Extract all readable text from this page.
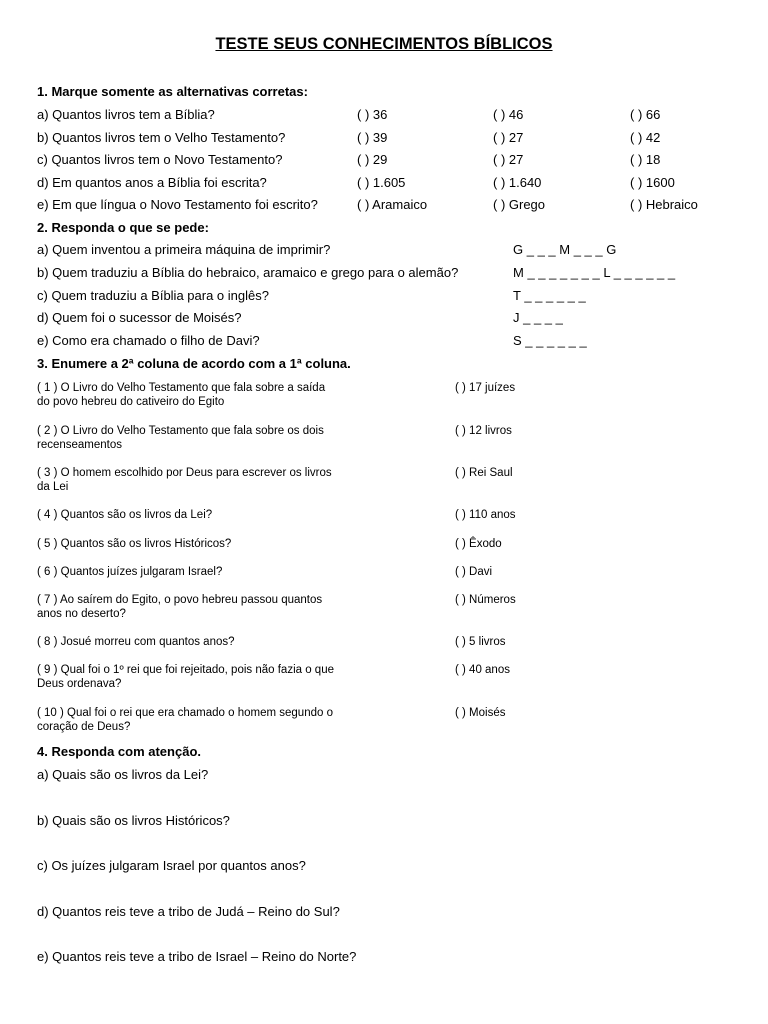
TESTE SEUS CONHECIMENTOS BÍBLICOS
1. Marque somente as alternativas corretas:
a) Quantos livros tem a Bíblia?	( ) 36	( ) 46	( ) 66
b) Quantos livros tem o Velho Testamento?	( ) 39	( ) 27	( ) 42
c) Quantos livros tem o Novo Testamento?	( ) 29	( ) 27	( ) 18
d) Em quantos anos a Bíblia foi escrita?	( ) 1.605	( ) 1.640	( ) 1600
e) Em que língua o Novo Testamento foi escrito?	( ) Aramaico	( ) Grego	( ) Hebraico
2. Responda o que se pede:
a) Quem inventou a primeira máquina de imprimir?	G _ _ _ M _ _ _ G
b) Quem traduziu a Bíblia do hebraico, aramaico e grego para o alemão?	M _ _ _ _ _ _ _ L _ _ _ _ _ _
c) Quem traduziu a Bíblia para o inglês?	T _ _ _ _ _ _
d) Quem foi o sucessor de Moisés?	J _ _ _ _
e) Como era chamado o filho de Davi?	S _ _ _ _ _ _
3. Enumere a 2ª coluna de acordo com a 1ª coluna.
( 1 ) O Livro do Velho Testamento que fala sobre a saída
do povo hebreu do cativeiro do Egito
( ) 17 juízes
( 2 ) O Livro do Velho Testamento que fala sobre os dois
recenseamentos
( ) 12 livros
( 3 ) O homem escolhido por Deus para escrever os livros
da Lei
( ) Rei Saul
( 4 ) Quantos são os livros da Lei?	( ) 110 anos
( 5 ) Quantos são os livros Históricos?	( ) Êxodo
( 6 ) Quantos juízes julgaram Israel?	( ) Davi
( 7 ) Ao saírem do Egito, o povo hebreu passou quantos
anos no deserto?
( ) Números
( 8 ) Josué morreu com quantos anos?	( ) 5 livros
( 9 ) Qual foi o 1º rei que foi rejeitado, pois não fazia o que
Deus ordenava?
( ) 40 anos
( 10 ) Qual foi o rei que era chamado o homem segundo o
coração de Deus?
( ) Moisés
4. Responda com atenção.
a) Quais são os livros da Lei?
b) Quais são os livros Históricos?
c) Os juízes julgaram Israel por quantos anos?
d) Quantos reis teve a tribo de Judá – Reino do Sul?
e) Quantos reis teve a tribo de Israel – Reino do Norte?
